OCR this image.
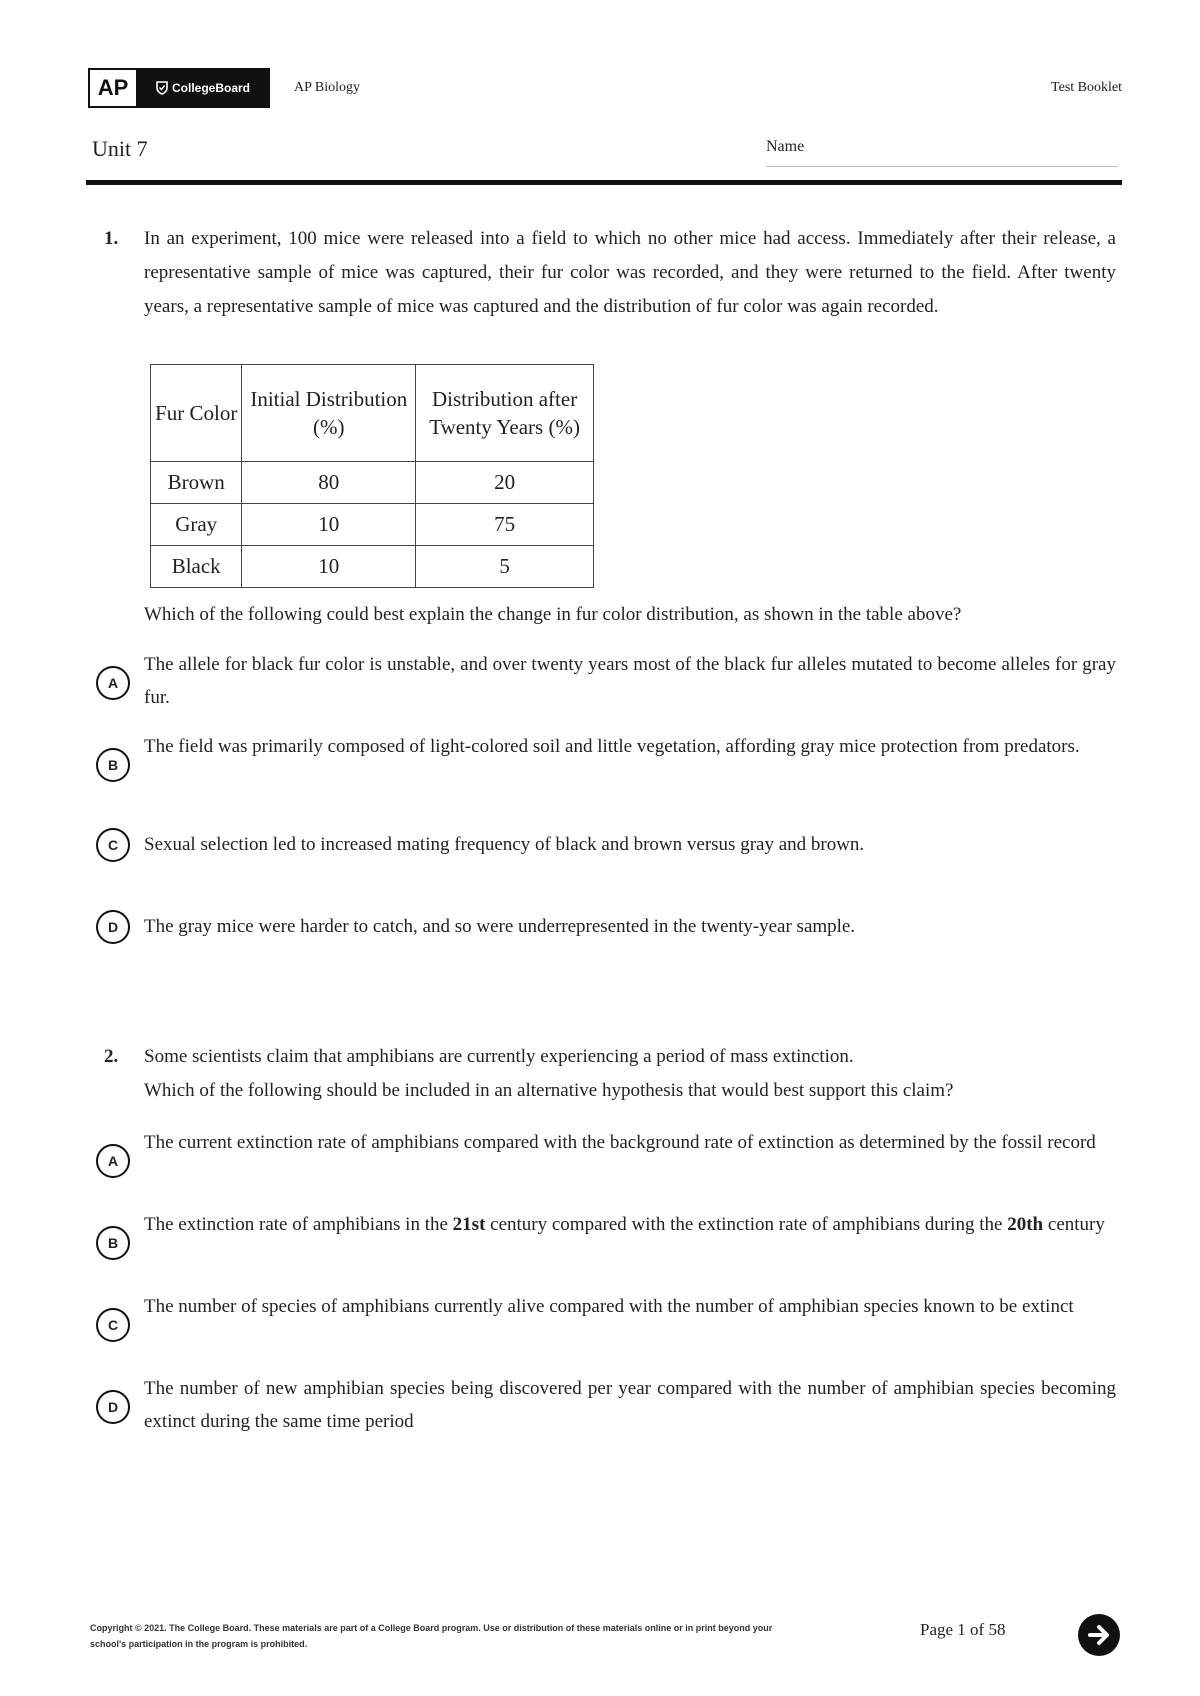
AP	CollegeBoard	AP Biology	Test Booklet
Unit 7	Name
1. In an experiment, 100 mice were released into a field to which no other mice had access. Immediately after their release, a representative sample of mice was captured, their fur color was recorded, and they were returned to the field. After twenty years, a representative sample of mice was captured and the distribution of fur color was again recorded.
Fur Color	Initial Distribution (%)	Distribution after Twenty Years (%)
Brown	80	20
Gray	10	75
Black	10	5
Which of the following could best explain the change in fur color distribution, as shown in the table above?
A
The allele for black fur color is unstable, and over twenty years most of the black fur alleles mutated to become alleles for gray fur.
B
The field was primarily composed of light-colored soil and little vegetation, affording gray mice protection from predators.
C	Sexual selection led to increased mating frequency of black and brown versus gray and brown.
D	The gray mice were harder to catch, and so were underrepresented in the twenty-year sample.
2. Some scientists claim that amphibians are currently experiencing a period of mass extinction.
Which of the following should be included in an alternative hypothesis that would best support this claim?
A
The current extinction rate of amphibians compared with the background rate of extinction as determined by the fossil record
B
The extinction rate of amphibians in the 21st century compared with the extinction rate of amphibians during the 20th century
C
The number of species of amphibians currently alive compared with the number of amphibian species known to be extinct
D
The number of new amphibian species being discovered per year compared with the number of amphibian species becoming extinct during the same time period
Copyright © 2021. The College Board. These materials are part of a College Board program. Use or distribution of these materials online or in print beyond your
school's participation in the program is prohibited.
Page 1 of 58
